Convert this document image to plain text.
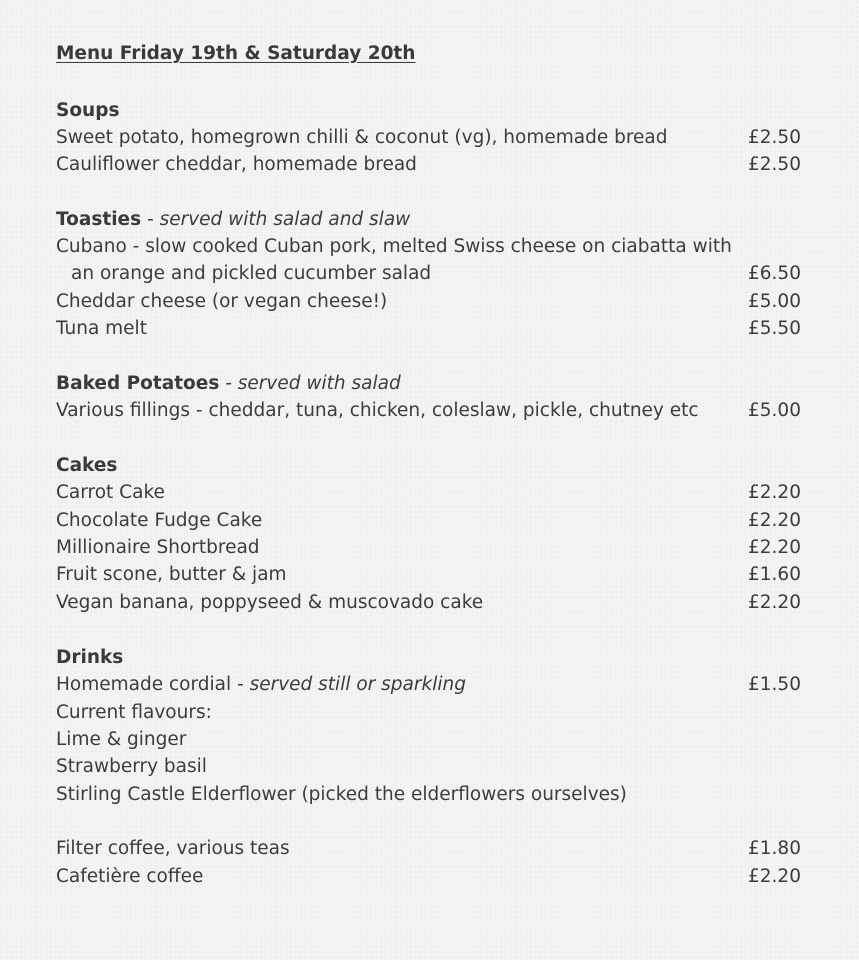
Menu Friday 19th & Saturday 20th
Soups
Sweet potato, homegrown chilli & coconut (vg), homemade bread	£2.50
Cauliflower cheddar, homemade bread	£2.50
Toasties - served with salad and slaw
Cubano - slow cooked Cuban pork, melted Swiss cheese on ciabatta with
an orange and pickled cucumber salad	£6.50
Cheddar cheese (or vegan cheese!)	£5.00
Tuna melt	£5.50
Baked Potatoes - served with salad
Various fillings - cheddar, tuna, chicken, coleslaw, pickle, chutney etc	£5.00
Cakes
Carrot Cake	£2.20
Chocolate Fudge Cake	£2.20
Millionaire Shortbread	£2.20
Fruit scone, butter & jam	£1.60
Vegan banana, poppyseed & muscovado cake	£2.20
Drinks
Homemade cordial - served still or sparkling	£1.50
Current flavours:
Lime & ginger
Strawberry basil
Stirling Castle Elderflower (picked the elderflowers ourselves)
Filter coffee, various teas	£1.80
Cafetière coffee	£2.20
